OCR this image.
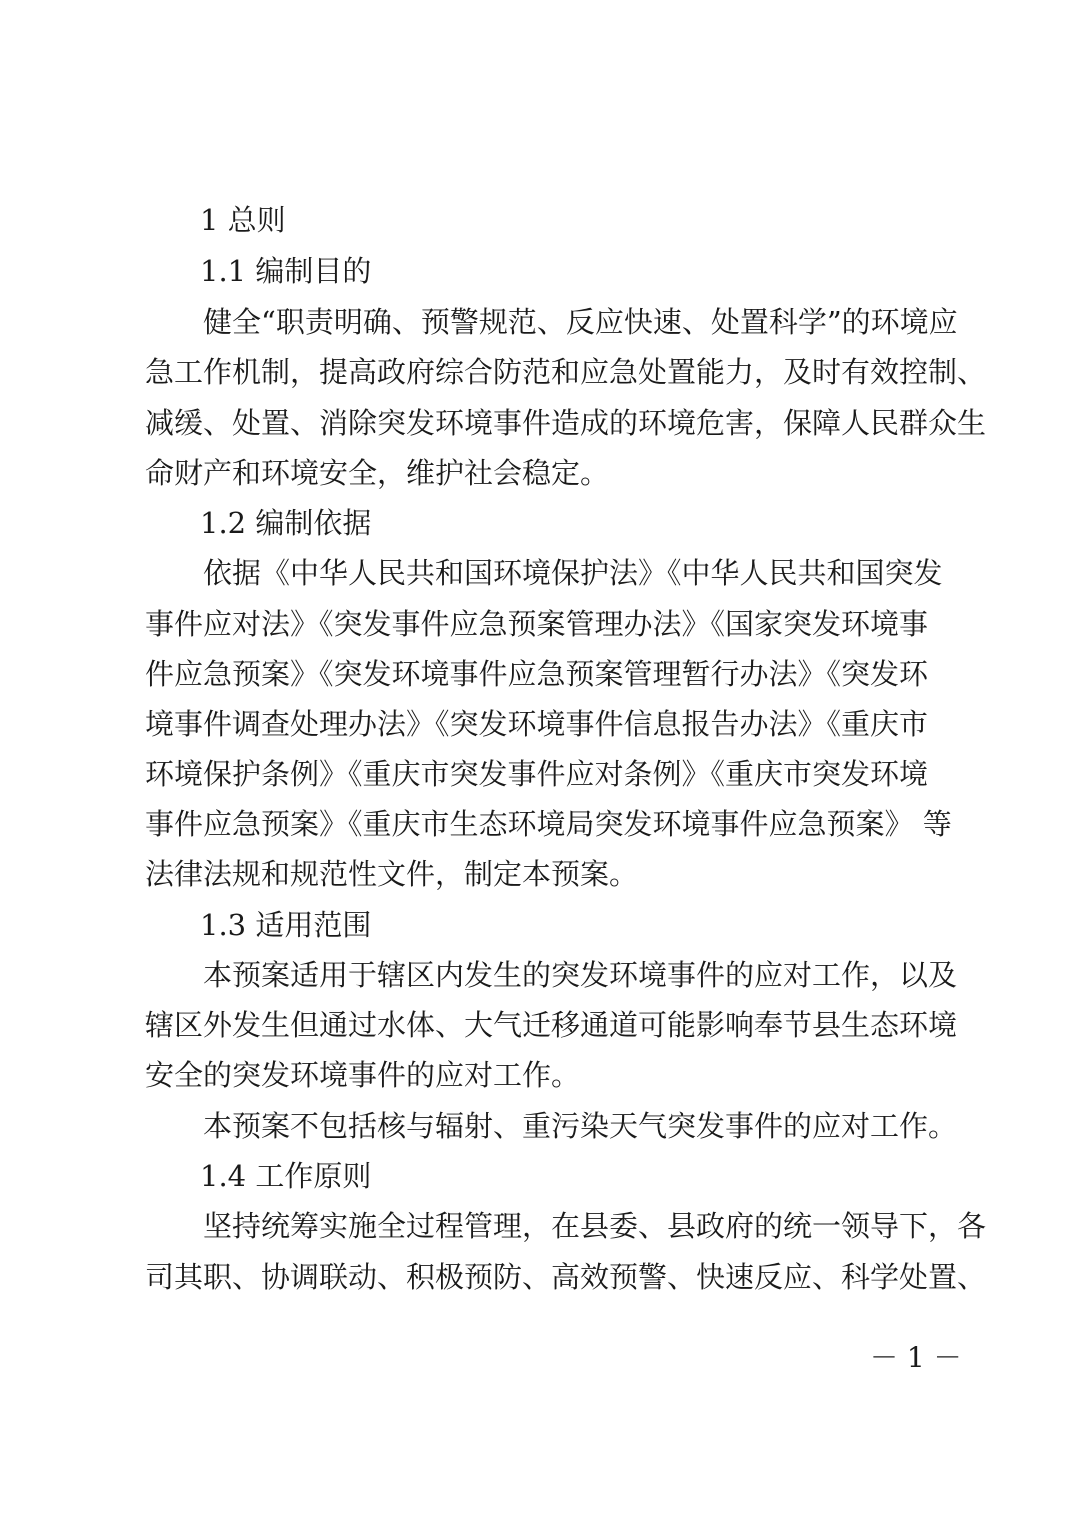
1 总则
1.1 编制目的
健全“职责明确、预警规范、反应快速、处置科学”的环境应
急工作机制，提高政府综合防范和应急处置能力，及时有效控制、
减缓、处置、消除突发环境事件造成的环境危害，保障人民群众生
命财产和环境安全，维护社会稳定。
1.2 编制依据
依据《中华人民共和国环境保护法》《中华人民共和国突发
事件应对法》《突发事件应急预案管理办法》《国家突发环境事
件应急预案》《突发环境事件应急预案管理暂行办法》《突发环
境事件调查处理办法》《突发环境事件信息报告办法》《重庆市
环境保护条例》《重庆市突发事件应对条例》《重庆市突发环境
事件应急预案》《重庆市生态环境局突发环境事件应急预案》 等
法律法规和规范性文件，制定本预案。
1.3 适用范围
本预案适用于辖区内发生的突发环境事件的应对工作，以及
辖区外发生但通过水体、大气迁移通道可能影响奉节县生态环境
安全的突发环境事件的应对工作。
本预案不包括核与辐射、重污染天气突发事件的应对工作。
1.4 工作原则
坚持统筹实施全过程管理，在县委、县政府的统一领导下，各
司其职、协调联动、积极预防、高效预警、快速反应、科学处置、
－ 1 －
